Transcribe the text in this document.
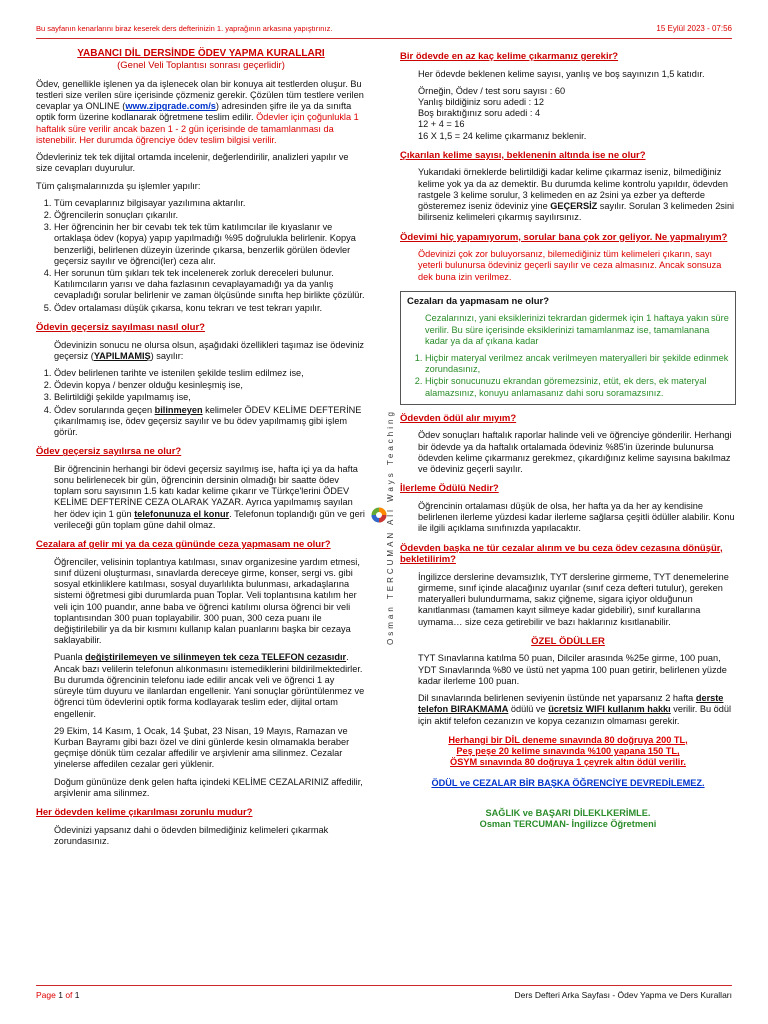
Bu sayfanın kenarlarını biraz keserek ders defterinizin 1. yaprağının arkasına yapıştırınız.	15 Eylül 2023 - 07:56
YABANCI DİL DERSİNDE ÖDEV YAPMA KURALLARI
(Genel Veli Toplantısı sonrası geçerlidir)

Ödev, genellikle işlenen ya da işlenecek olan bir konuya ait testlerden oluşur. Bu testleri size verilen süre içerisinde çözmeniz gerekir. Çözülen tüm testlere verilen cevaplar ya ONLINE (www.zipgrade.com/s) adresinden şifre ile ya da sınıfta optik form üzerine kodlanarak öğretmene teslim edilir. Ödevler için çoğunlukla 1 haftalık süre verilir ancak bazen 1 - 2 gün içerisinde de tamamlanması da istenebilir. Her durumda öğrenciye ödev teslim bilgisi verilir.

Ödevleriniz tek tek dijital ortamda incelenir, değerlendirilir, analizleri yapılır ve size cevapları duyurulur.

Tüm çalışmalarınızda şu işlemler yapılır:

1. Tüm cevaplarınız bilgisayar yazılımına aktarılır.
2. Öğrencilerin sonuçları çıkarılır.
3. Her öğrencinin her bir cevabı tek tek tüm katılımcılar ile kıyaslanır ve ortaklaşa ödev (kopya) yapıp yapılmadığı %95 doğrulukla belirlenir. Kopya benzerliği, belirlenen düzeyin üzerinde çıkarsa, benzerlik görülen ödevler geçersiz sayılır ve öğrenci(ler) ceza alır.
4. Her sorunun tüm şıkları tek tek incelenerek zorluk dereceleri bulunur. Katılımcıların yarısı ve daha fazlasının cevaplayamadığı ya da yanlış cevapladığı sorular belirlenir ve zaman ölçüsünde sınıfta hep birlikte çözülür.
5. Ödev ortalaması düşük çıkarsa, konu tekrarı ve test tekrarı yapılır.
Ödevin geçersiz sayılması nasıl olur?

Ödevinizin sonucu ne olursa olsun, aşağıdaki özellikleri taşımaz ise ödeviniz geçersiz (YAPILMAMIŞ) sayılır:

1. Ödev belirlenen tarihte ve istenilen şekilde teslim edilmez ise,
2. Ödevin kopya / benzer olduğu kesinleşmiş ise,
3. Belirtildiği şekilde yapılmamış ise,
4. Ödev sorularında geçen bilinmeyen kelimeler ÖDEV KELİME DEFTERİNE çıkarılmamış ise, ödev geçersiz sayılır ve bu ödev yapılmamış gibi işlem görür.
Ödev geçersiz sayılırsa ne olur?

Bir öğrencinin herhangi bir ödevi geçersiz sayılmış ise, hafta içi ya da hafta sonu belirlenecek bir gün, öğrencinin dersinin olmadığı bir saatte ödev toplam soru sayısının 1.5 katı kadar kelime çıkarır ve Türkçe'lerini ÖDEV KELİME DEFTERİNE CEZA OLARAK YAZAR. Ayrıca yapılmamış sayılan her ödev için 1 gün telefonunuza el konur. Telefonun toplandığı gün ve geri verileceği gün toplam güne dahil olmaz.

Cezalara af gelir mi ya da ceza gününde ceza yapmasam ne olur?

Öğrenciler, velisinin toplantıya katılması, sınav organizesine yardım etmesi, sınıf düzeni oluşturması, sınavlarda dereceye girme, konser, sergi vs. gibi sosyal etkinliklere katılması, sosyal duyarlılıkta bulunması, arkadaşlarına sistemi öğretmesi gibi durumlarda puan Toplar. Veli toplantısına katılım her veli için 100 puandır, anne baba ve öğrenci katılımı olursa öğrenci bir veli toplantısından 300 puan toplayabilir. 300 puan, 300 ceza puanı ile değiştirilebilir ya da bir kısmını kullanıp kalan puanlarını başka bir cezaya saklayabilir.

Puanla değiştirilemeyen ve silinmeyen tek ceza TELEFON cezasıdır. Ancak bazı velilerin telefonun alıkonmasını istemediklerini bildirilmektedirler. Bu durumda öğrencinin telefonu iade edilir ancak veli ve öğrenci 1 ay süreyle tüm duyuru ve ilanlardan engellenir. Yani sonuçlar görüntülenmez ve öğrenci tüm ödevlerini optik forma kodlayarak teslim eder, dijital ortam engellenir.

29 Ekim, 14 Kasım, 1 Ocak, 14 Şubat, 23 Nisan, 19 Mayıs, Ramazan ve Kurban Bayramı gibi bazı özel ve dini günlerde kesin olmamakla beraber geçmişe dönük tüm cezalar affedilir ve arşivlenir ama silinmez. Cezalar yinelerse affedilen cezalar geri yüklenir.

Doğum gününüze denk gelen hafta içindeki KELİME CEZALARINIZ affedilir, arşivlenir ama silinmez.

Her ödevden kelime çıkarılması zorunlu mudur?

Ödevinizi yapsanız dahi o ödevden bilmediğiniz kelimeleri çıkarmak zorundasınız.

Osman TERCUMAN All Ways Teaching
Bir ödevde en az kaç kelime çıkarmanız gerekir?

Her ödevde beklenen kelime sayısı, yanlış ve boş sayınızın 1,5 katıdır.

Örneğin, Ödev / test soru sayısı : 60
Yanlış bildiğiniz soru adedi : 12
Boş bıraktığınız soru adedi : 4
12 + 4 = 16
16 X 1,5 = 24 kelime çıkarmanız beklenir.
Çıkarılan kelime sayısı, beklenenin altında ise ne olur?

Yukarıdaki örneklerde belirtildiği kadar kelime çıkarmaz iseniz, bilmediğiniz kelime yok ya da az demektir. Bu durumda kelime kontrolu yapıldır, ödevden rastgele 3 kelime sorulur, 3 kelimeden en az 2sini ya ezber ya defterde gösteremez iseniz ödeviniz yine GEÇERSİZ sayılır. Sorulan 3 kelimeden 2sini bilirseniz kelimeleri çıkarmış sayılırsınız.

Ödevimi hiç yapamıyorum, sorular bana çok zor geliyor. Ne yapmalıyım?

Ödevinizi çok zor buluyorsanız, bilemediğiniz tüm kelimeleri çıkarın, sayı yeterli bulunursa ödeviniz geçerli sayılır ve ceza almasınız. Ancak sonsuza dek buna izin verilmez.

Cezaları da yapmasam ne olur?

Cezalarınızı, yani eksiklerinizi tekrardan gidermek için 1 haftaya yakın süre verilir. Bu süre içerisinde eksiklerinizi tamamlanmaz ise, tamamlanana kadar ya da af çıkana kadar

1. Hiçbir materyal verilmez ancak verilmeyen materyalleri bir şekilde edinmek zorundasınız,
2. Hiçbir sonucunuzu ekrandan göremezsiniz, etüt, ek ders, ek materyal alamazsınız, konuyu anlamasanız dahi soru soramazsınız.
Ödevden ödül alır mıyım?

Ödev sonuçları haftalık raporlar halinde veli ve öğrenciye gönderilir. Herhangi bir ödevde ya da haftalık ortalamada ödeviniz %85'in üzerinde bulunursa ödevden kelime çıkarmanız gerekmez, çıkardığınız kelime sayısına bakılmaz ve ödeviniz geçerli sayılır.

İlerleme Ödülü Nedir?

Öğrencinin ortalaması düşük de olsa, her hafta ya da her ay kendisine belirlenen ilerleme yüzdesi kadar ilerleme sağlarsa çeşitli ödüller alabilir. Konu ile ilgili açıklama sınıfınızda yapılacaktır.

Ödevden başka ne tür cezalar alırım ve bu ceza ödev cezasına dönüşür, bekletilirim?

İngilizce derslerine devamsızlık, TYT derslerine girmeme, TYT denemelerine girmeme, sınıf içinde alacağınız uyarılar (sınıf ceza defteri tutulur), gereken materyalleri bulundurmama, sakız çiğneme, sigara içiyor olduğunun kanıtlanması (tamamen kayıt silmeye kadar gidebilir), sınıf kurallarına uymama… size ceza getirebilir ve bazı haklarınız kısıtlanabilir.

ÖZEL ÖDÜLLER

TYT Sınavlarına katılma 50 puan, Dilciler arasında %25e girme, 100 puan, YDT Sınavlarında %80 ve üstü net yapma 100 puan getirir, belirlenen yüzde kadar ilerleme 100 puan.

Dil sınavlarında belirlenen seviyenin üstünde net yaparsanız 2 hafta derste telefon BIRAKMAMA ödülü ve ücretsiz WIFI kullanım hakkı verilir. Bu ödül için aktif telefon cezanızın ve kopya cezanızın olmaması gerekir.

Herhangi bir DİL deneme sınavında 80 doğruya 200 TL,
Peş peşe 20 kelime sınavında %100 yapana 150 TL,
ÖSYM sınavında 80 doğruya 1 çeyrek altın ödül verilir.
ÖDÜL ve CEZALAR BİR BAŞKA ÖĞRENCİYE DEVREDİLEMEZ.
SAĞLIK ve BAŞARI DİLEKLKERİMLE.
Osman TERCUMAN- İngilizce Öğretmeni
Page 1 of 1	Ders Defteri Arka Sayfası - Ödev Yapma ve Ders Kuralları
